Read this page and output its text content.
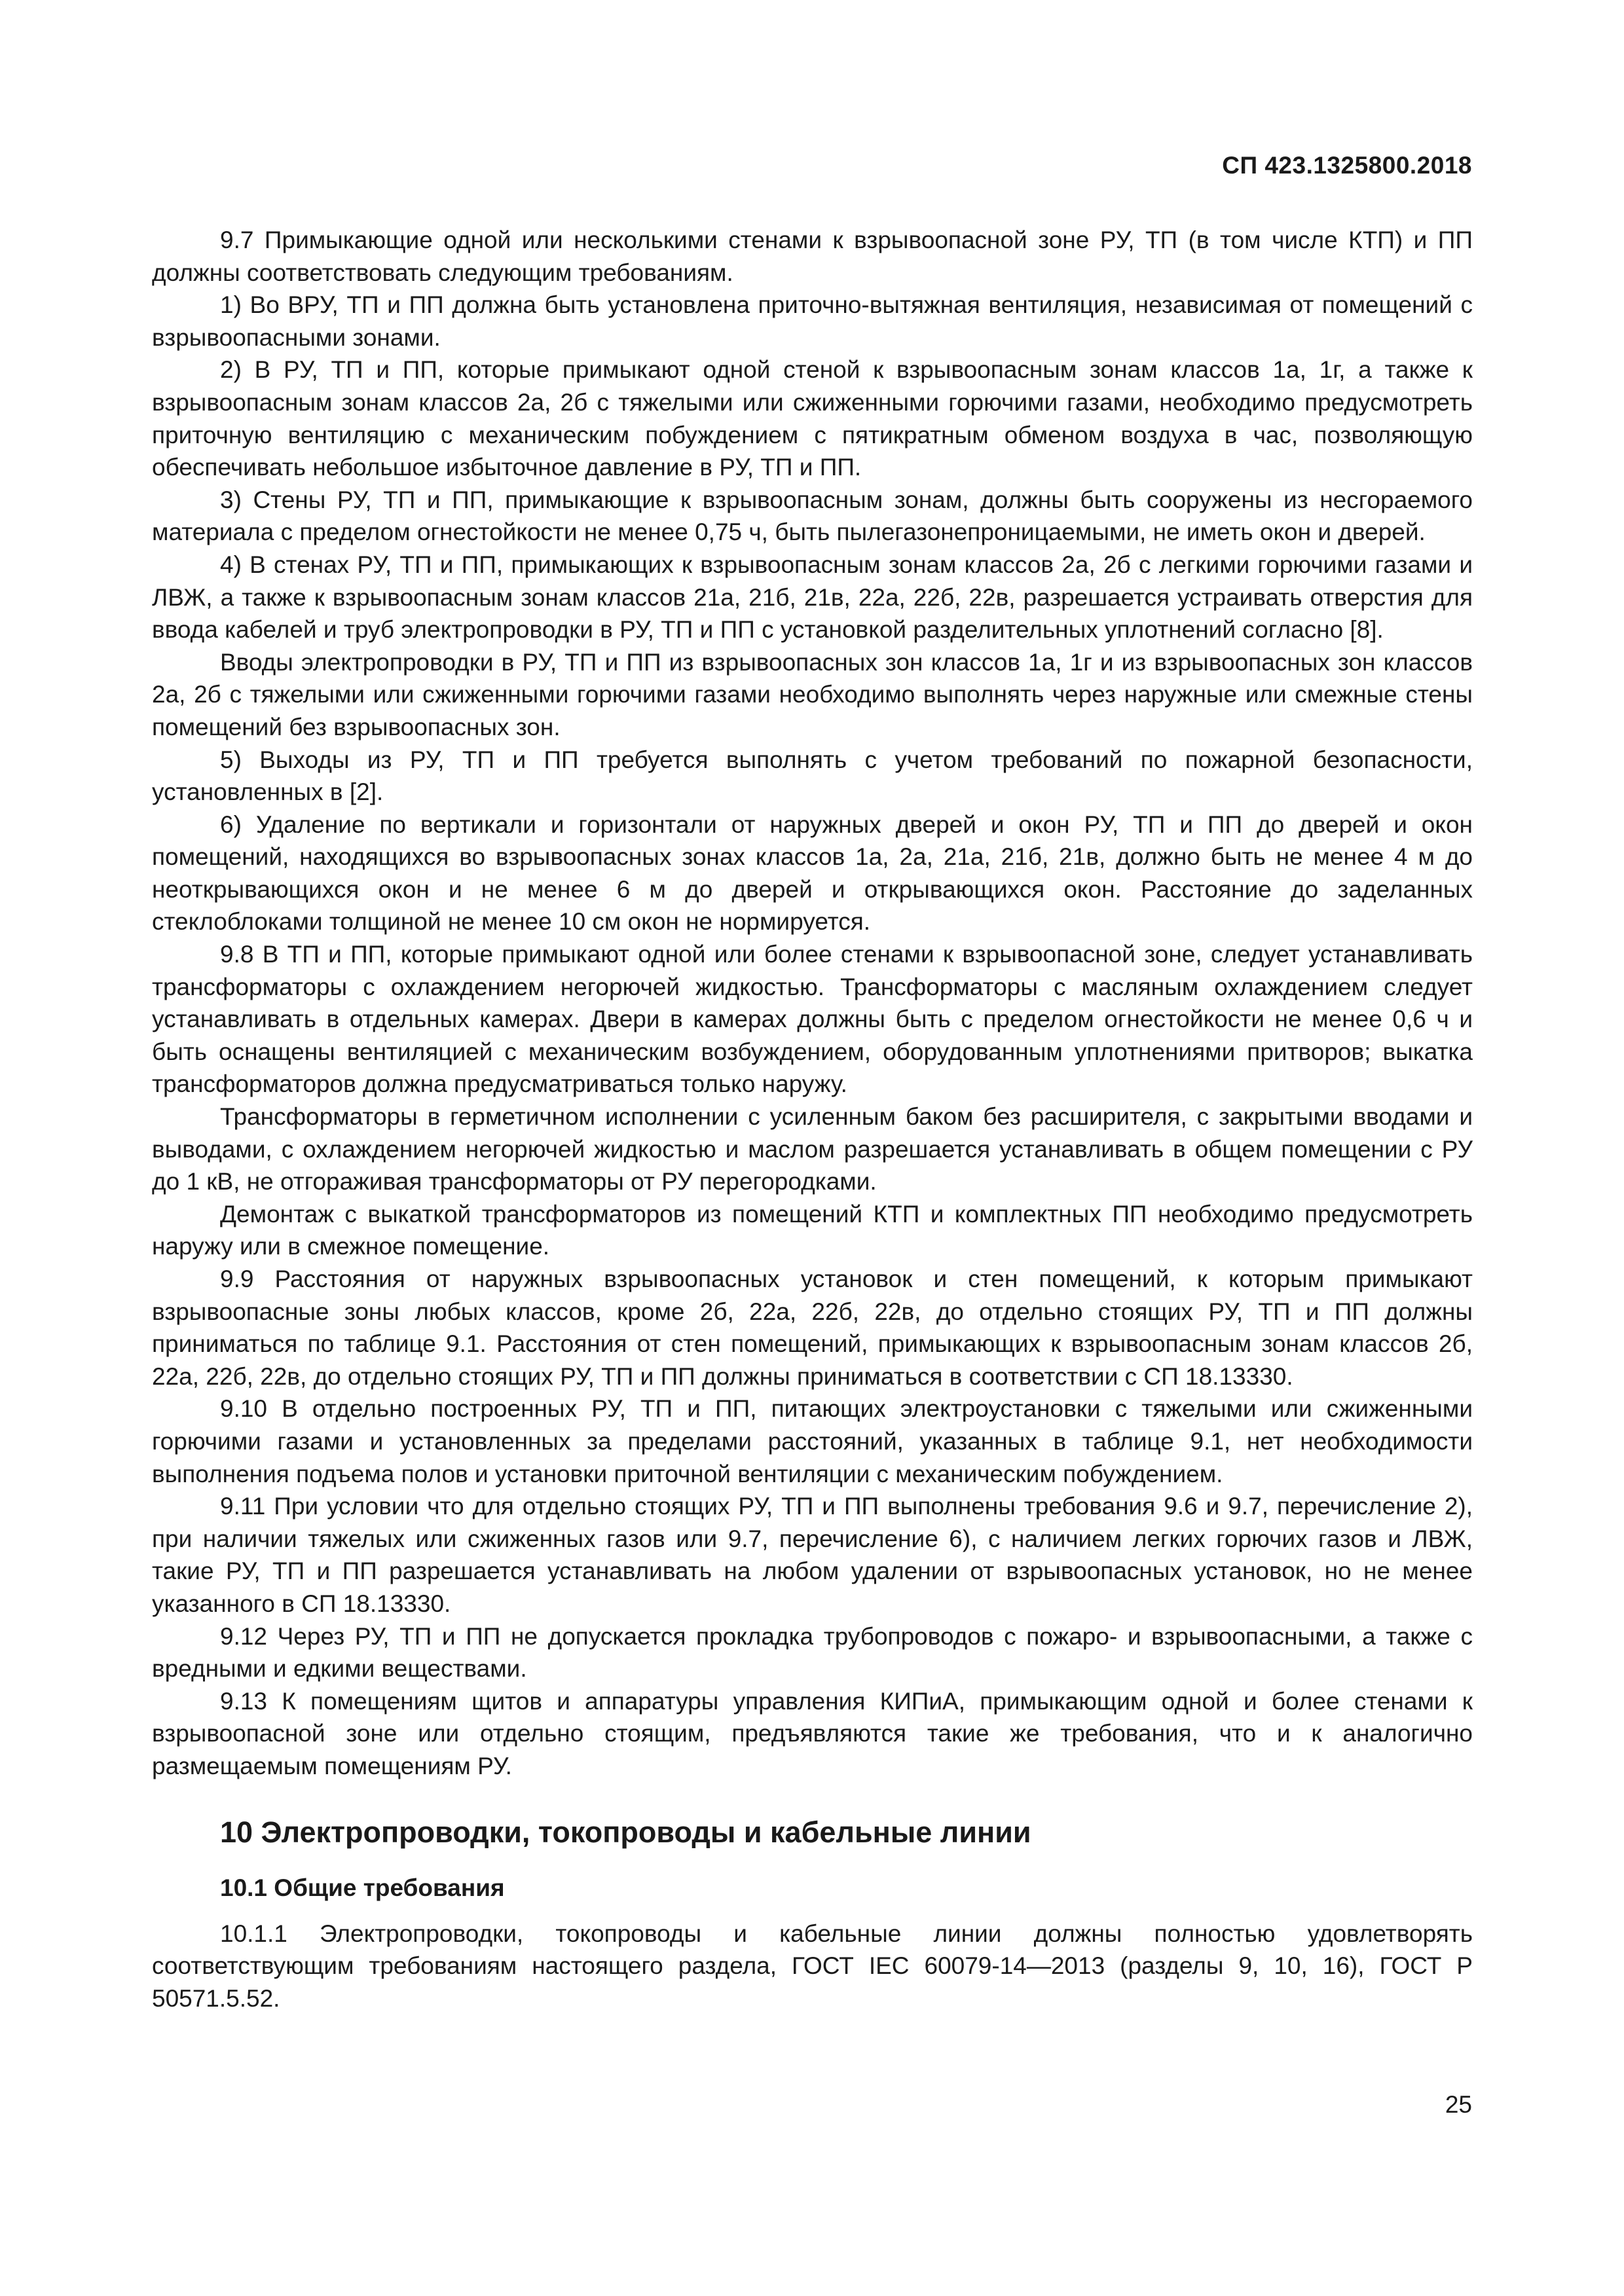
СП 423.1325800.2018

9.7 Примыкающие одной или несколькими стенами к взрывоопасной зоне РУ, ТП (в том числе КТП) и ПП должны соответствовать следующим требованиям.

1) Во ВРУ, ТП и ПП должна быть установлена приточно-вытяжная вентиляция, независимая от помещений с взрывоопасными зонами.

2) В РУ, ТП и ПП, которые примыкают одной стеной к взрывоопасным зонам классов 1а, 1г, а также к взрывоопасным зонам классов 2а, 2б с тяжелыми или сжиженными горючими газами, необходимо предусмотреть приточную вентиляцию с механическим побуждением с пятикратным обменом воздуха в час, позволяющую обеспечивать небольшое избыточное давление в РУ, ТП и ПП.

3) Стены РУ, ТП и ПП, примыкающие к взрывоопасным зонам, должны быть сооружены из несгораемого материала с пределом огнестойкости не менее 0,75 ч, быть пылегазонепроницаемыми, не иметь окон и дверей.

4) В стенах РУ, ТП и ПП, примыкающих к взрывоопасным зонам классов 2а, 2б с легкими горючими газами и ЛВЖ, а также к взрывоопасным зонам классов 21а, 21б, 21в, 22а, 22б, 22в, разрешается устраивать отверстия для ввода кабелей и труб электропроводки в РУ, ТП и ПП с установкой разделительных уплотнений согласно [8].

Вводы электропроводки в РУ, ТП и ПП из взрывоопасных зон классов 1а, 1г и из взрывоопасных зон классов 2а, 2б с тяжелыми или сжиженными горючими газами необходимо выполнять через наружные или смежные стены помещений без взрывоопасных зон.

5) Выходы из РУ, ТП и ПП требуется выполнять с учетом требований по пожарной безопасности, установленных в [2].

6) Удаление по вертикали и горизонтали от наружных дверей и окон РУ, ТП и ПП до дверей и окон помещений, находящихся во взрывоопасных зонах классов 1а, 2а, 21а, 21б, 21в, должно быть не менее 4 м до неоткрывающихся окон и не менее 6 м до дверей и открывающихся окон. Расстояние до заделанных стеклоблоками толщиной не менее 10 см окон не нормируется.

9.8 В ТП и ПП, которые примыкают одной или более стенами к взрывоопасной зоне, следует устанавливать трансформаторы с охлаждением негорючей жидкостью. Трансформаторы с масляным охлаждением следует устанавливать в отдельных камерах. Двери в камерах должны быть с пределом огнестойкости не менее 0,6 ч и быть оснащены вентиляцией с механическим возбуждением, оборудованным уплотнениями притворов; выкатка трансформаторов должна предусматриваться только наружу.

Трансформаторы в герметичном исполнении с усиленным баком без расширителя, с закрытыми вводами и выводами, с охлаждением негорючей жидкостью и маслом разрешается устанавливать в общем помещении с РУ до 1 кВ, не отгораживая трансформаторы от РУ перегородками.

Демонтаж с выкаткой трансформаторов из помещений КТП и комплектных ПП необходимо предусмотреть наружу или в смежное помещение.

9.9 Расстояния от наружных взрывоопасных установок и стен помещений, к которым примыкают взрывоопасные зоны любых классов, кроме 2б, 22а, 22б, 22в, до отдельно стоящих РУ, ТП и ПП должны приниматься по таблице 9.1. Расстояния от стен помещений, примыкающих к взрывоопасным зонам классов 2б, 22а, 22б, 22в, до отдельно стоящих РУ, ТП и ПП должны приниматься в соответствии с СП 18.13330.

9.10 В отдельно построенных РУ, ТП и ПП, питающих электроустановки с тяжелыми или сжиженными горючими газами и установленных за пределами расстояний, указанных в таблице 9.1, нет необходимости выполнения подъема полов и установки приточной вентиляции с механическим побуждением.

9.11 При условии что для отдельно стоящих РУ, ТП и ПП выполнены требования 9.6 и 9.7, перечисление 2), при наличии тяжелых или сжиженных газов или 9.7, перечисление 6), с наличием легких горючих газов и ЛВЖ, такие РУ, ТП и ПП разрешается устанавливать на любом удалении от взрывоопасных установок, но не менее указанного в СП 18.13330.

9.12 Через РУ, ТП и ПП не допускается прокладка трубопроводов с пожаро- и взрывоопасными, а также с вредными и едкими веществами.

9.13 К помещениям щитов и аппаратуры управления КИПиА, примыкающим одной и более стенами к взрывоопасной зоне или отдельно стоящим, предъявляются такие же требования, что и к аналогично размещаемым помещениям РУ.

10 Электропроводки, токопроводы и кабельные линии
10.1 Общие требования

10.1.1 Электропроводки, токопроводы и кабельные линии должны полностью удовлетворять соответствующим требованиям настоящего раздела, ГОСТ IEC 60079-14—2013 (разделы 9, 10, 16), ГОСТ Р 50571.5.52.

25
